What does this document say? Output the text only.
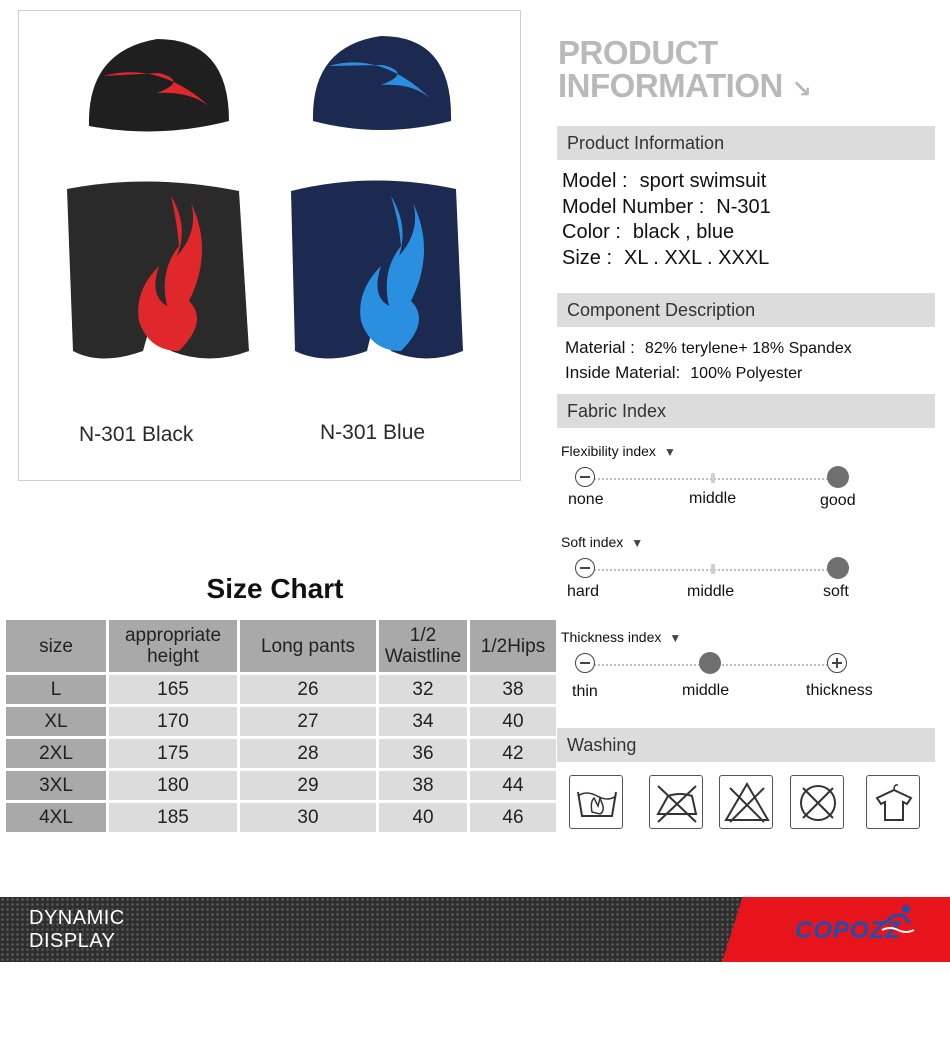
N-301 Black	N-301 Blue
PRODUCT
INFORMATION ↘
Product Information
Model : sport swimsuit
Model Number : N-301
Color : black , blue
Size : XL . XXL . XXXL
Component Description
Material : 82% terylene+ 18% Spandex
Inside Material: 100% Polyester
Fabric Index
Flexibility index ▼
none	middle	good
Soft index ▼
hard	middle	soft
Thickness index ▼
thin	middle	thickness
Washing
Size Chart
size	appropriate height	Long pants	1/2 Waistline	1/2Hips
L	165	26	32	38
XL	170	27	34	40
2XL	175	28	36	42
3XL	180	29	38	44
4XL	185	30	40	46
DYNAMIC
DISPLAY	COPOZZ
